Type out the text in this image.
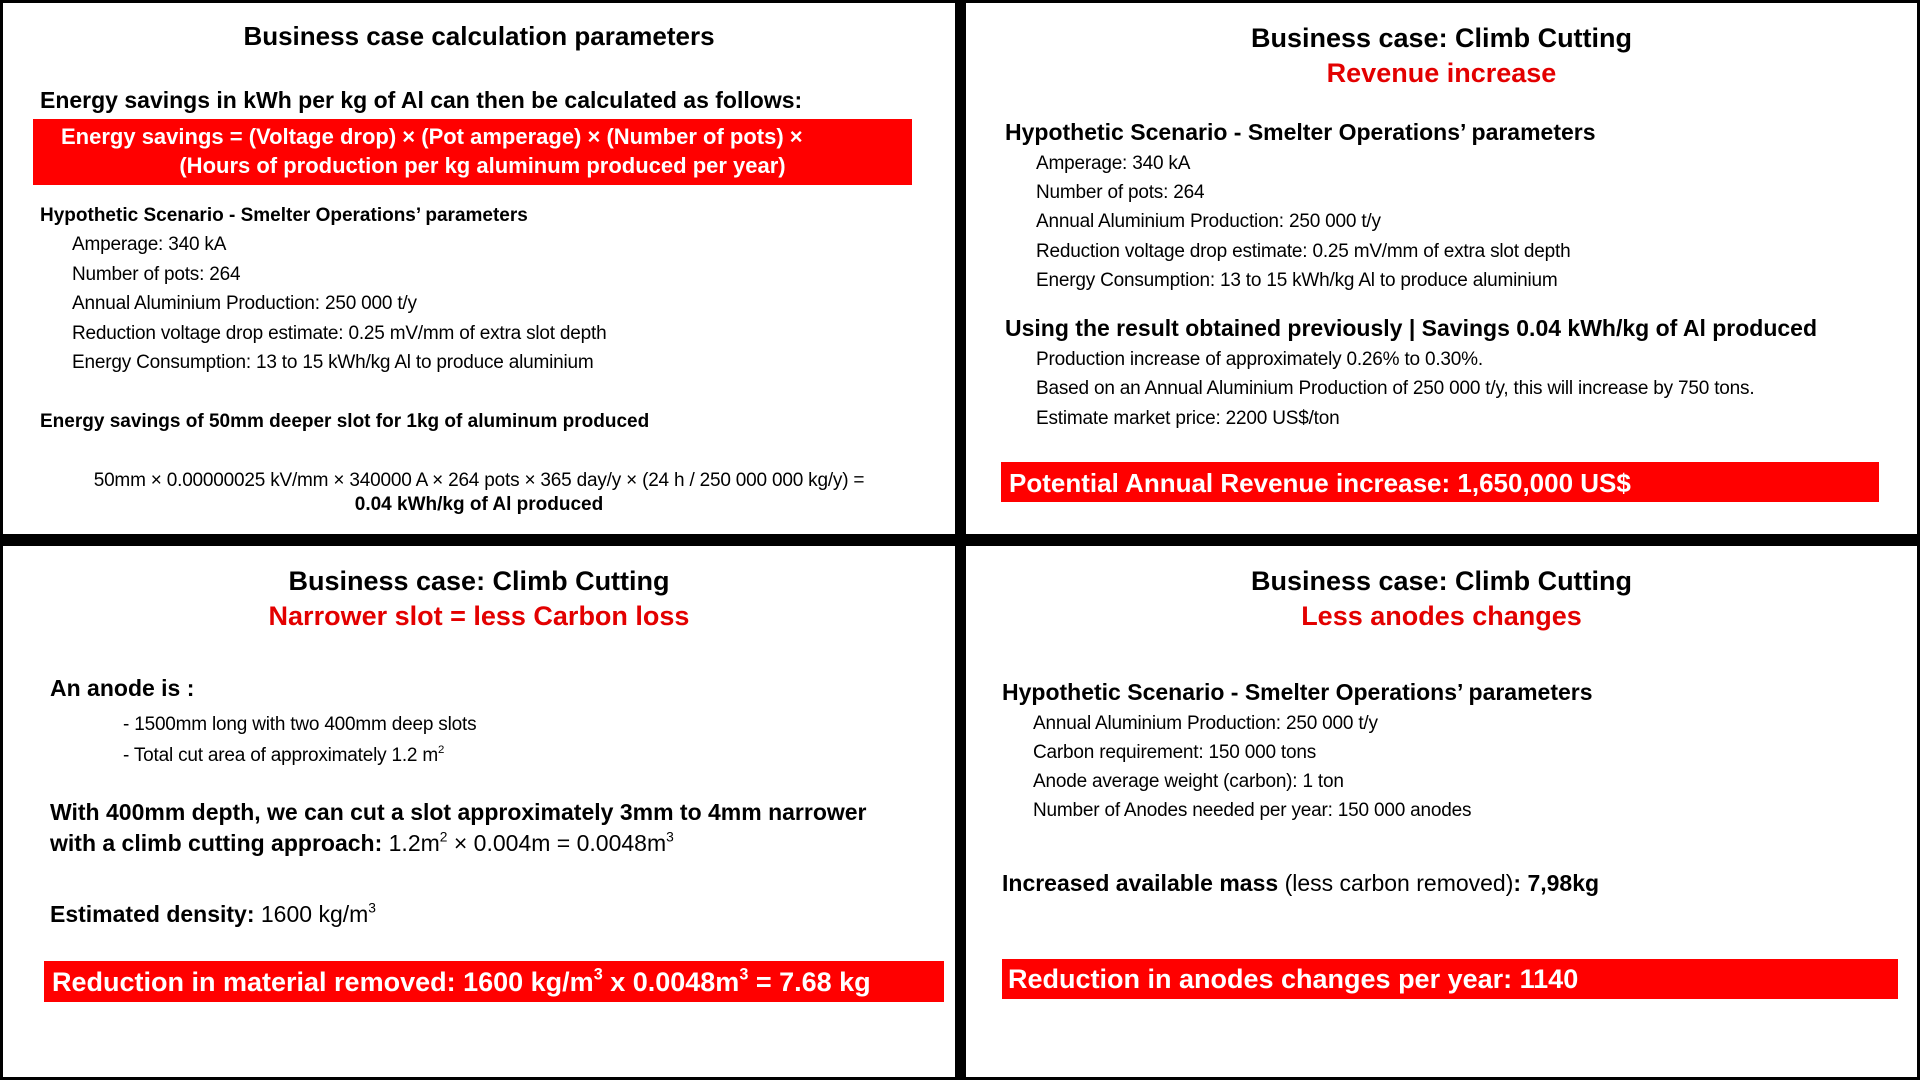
Business case calculation parameters
Energy savings in kWh per kg of Al can then be calculated as follows:
Energy savings = (Voltage drop) × (Pot amperage) × (Number of pots) ×
(Hours of production per kg aluminum produced per year)
Hypothetic Scenario - Smelter Operations’ parameters
Amperage: 340 kA
Number of pots: 264
Annual Aluminium Production: 250 000 t/y
Reduction voltage drop estimate: 0.25 mV/mm of extra slot depth
Energy Consumption: 13 to 15 kWh/kg Al to produce aluminium
Energy savings of 50mm deeper slot for 1kg of aluminum produced
50mm × 0.00000025 kV/mm × 340000 A × 264 pots × 365 day/y × (24 h / 250 000 000 kg/y) =
0.04 kWh/kg of Al produced
Business case: Climb Cutting
Revenue increase
Hypothetic Scenario - Smelter Operations’ parameters
Amperage: 340 kA
Number of pots: 264
Annual Aluminium Production: 250 000 t/y
Reduction voltage drop estimate: 0.25 mV/mm of extra slot depth
Energy Consumption: 13 to 15 kWh/kg Al to produce aluminium
Using the result obtained previously | Savings 0.04 kWh/kg of Al produced
Production increase of approximately 0.26% to 0.30%.
Based on an Annual Aluminium Production of 250 000 t/y, this will increase by 750 tons.
Estimate market price: 2200 US$/ton
Potential Annual Revenue increase: 1,650,000 US$
Business case: Climb Cutting
Narrower slot = less Carbon loss
An anode is :
- 1500mm long with two 400mm deep slots
- Total cut area of approximately 1.2 $m^2$
With 400mm depth, we can cut a slot approximately 3mm to 4mm narrower
with a climb cutting approach: $1.2m^2 \times 0.004m = 0.0048m^3$
Estimated density: 1600 $kg/m^3$
Reduction in material removed: 1600 $kg/m^3$ x $0.0048m^3 = 7.68$ kg
Business case: Climb Cutting
Less anodes changes
Hypothetic Scenario - Smelter Operations’ parameters
Annual Aluminium Production: 250 000 t/y
Carbon requirement: 150 000 tons
Anode average weight (carbon): 1 ton
Number of Anodes needed per year: 150 000 anodes
Increased available mass (less carbon removed): 7,98kg
Reduction in anodes changes per year: 1140
